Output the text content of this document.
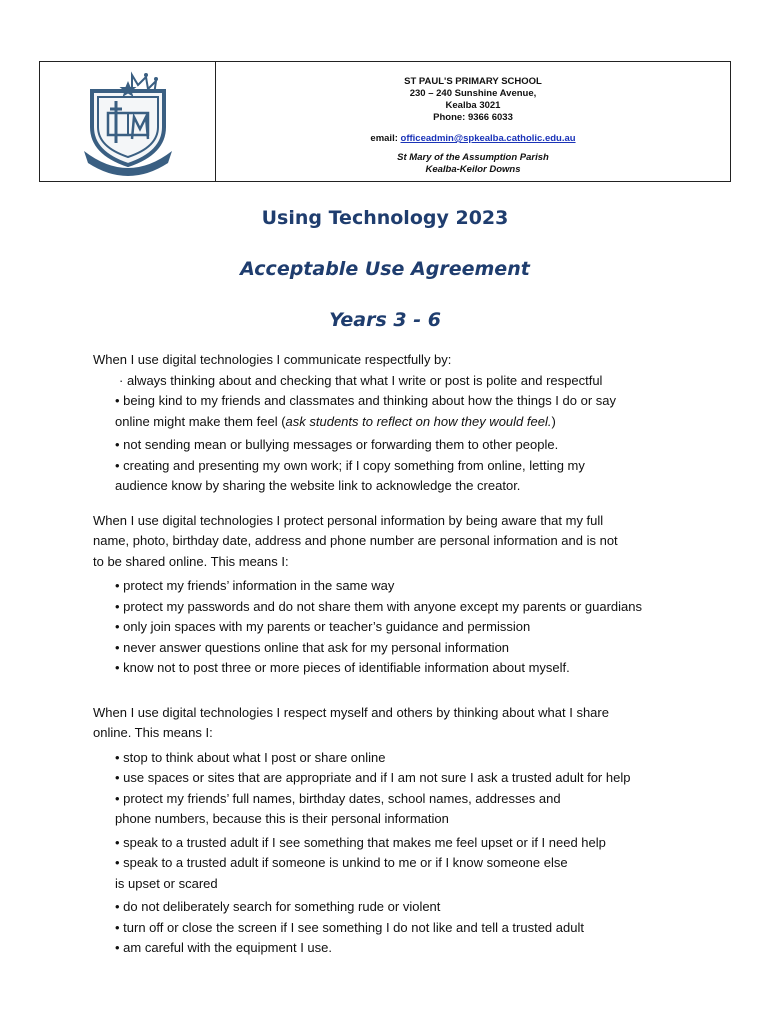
ST PAUL'S PRIMARY SCHOOL
230 – 240 Sunshine Avenue,
Kealba 3021
Phone: 9366 6033
email: officeadmin@spkealba.catholic.edu.au
St Mary of the Assumption Parish
Kealba-Keilor Downs
Using Technology 2023
Acceptable Use Agreement
Years 3 - 6

When I use digital technologies I communicate respectfully by:

· always thinking about and checking that what I write or post is polite and respectful

• being kind to my friends and classmates and thinking about how the things I do or say

online might make them feel (ask students to reflect on how they would feel.)

• not sending mean or bullying messages or forwarding them to other people.

• creating and presenting my own work; if I copy something from online, letting my

audience know by sharing the website link to acknowledge the creator.

When I use digital technologies I protect personal information by being aware that my full

name, photo, birthday date, address and phone number are personal information and is not

to be shared online. This means I:

• protect my friends’ information in the same way

• protect my passwords and do not share them with anyone except my parents or guardians

• only join spaces with my parents or teacher’s guidance and permission

• never answer questions online that ask for my personal information

• know not to post three or more pieces of identifiable information about myself.

When I use digital technologies I respect myself and others by thinking about what I share

online. This means I:

• stop to think about what I post or share online

• use spaces or sites that are appropriate and if I am not sure I ask a trusted adult for help

• protect my friends’ full names, birthday dates, school names, addresses and

phone numbers, because this is their personal information

• speak to a trusted adult if I see something that makes me feel upset or if I need help

• speak to a trusted adult if someone is unkind to me or if I know someone else

is upset or scared

• do not deliberately search for something rude or violent

• turn off or close the screen if I see something I do not like and tell a trusted adult

• am careful with the equipment I use.
